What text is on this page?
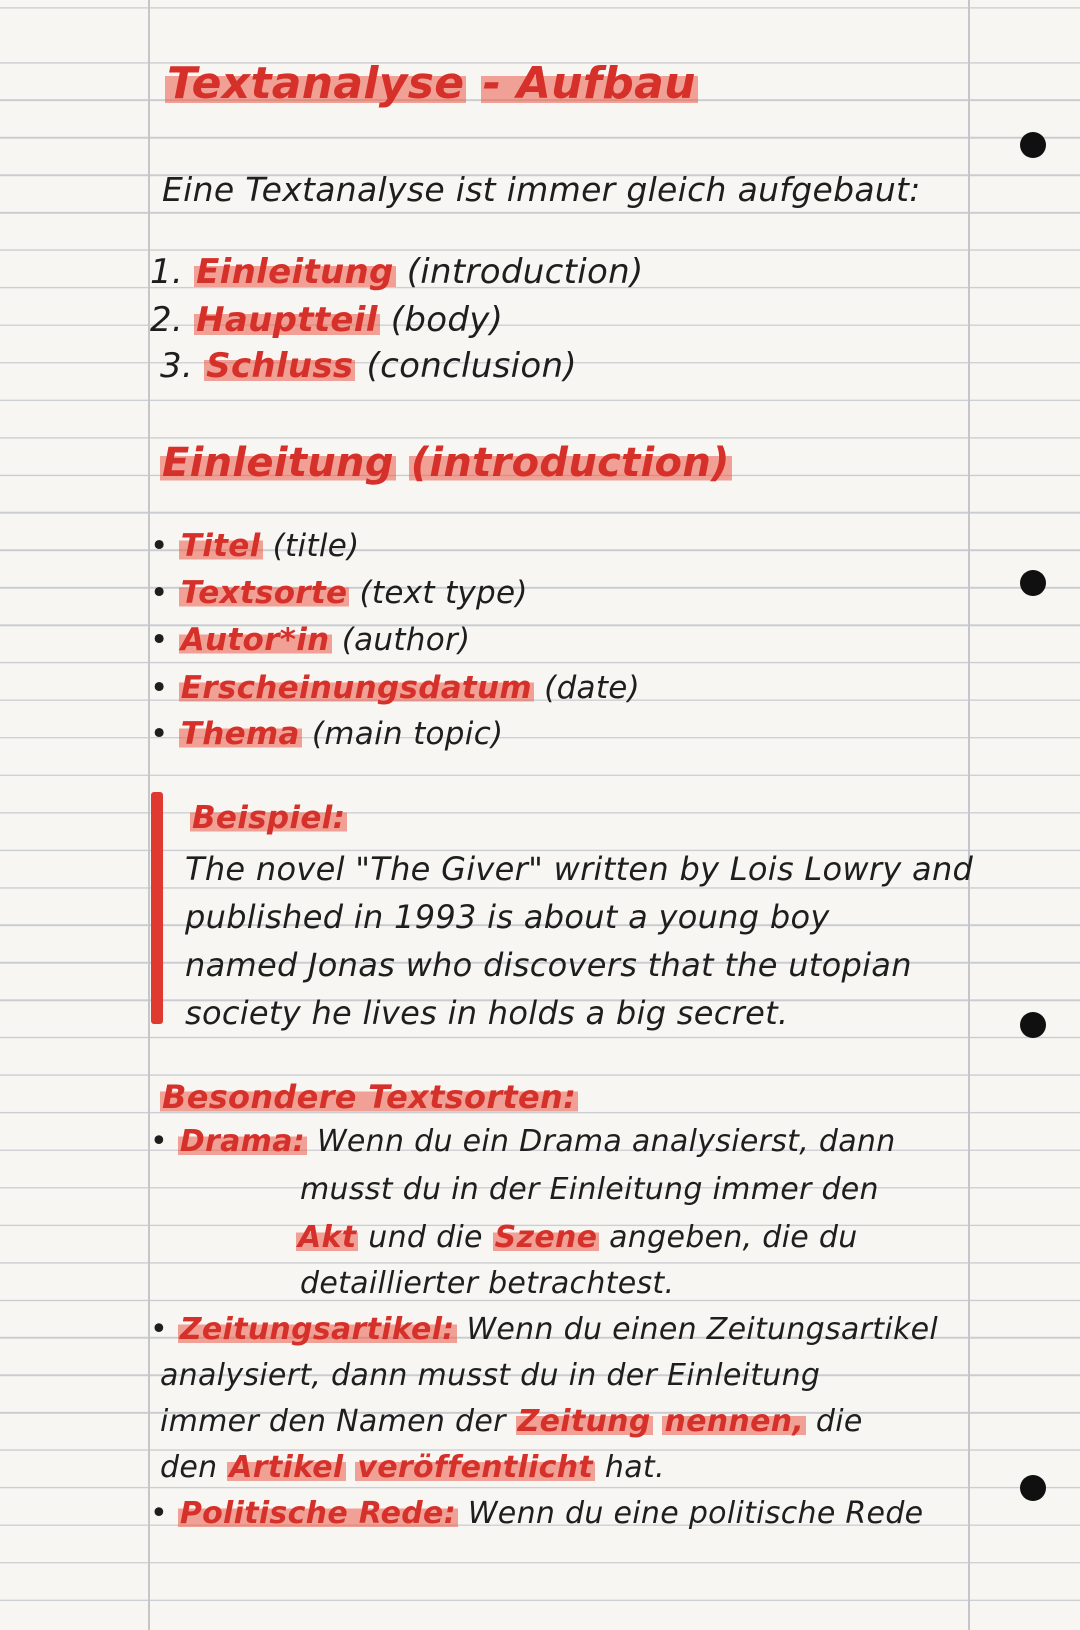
Textanalyse - Aufbau
Eine Textanalyse ist immer gleich aufgebaut:
1. Einleitung (introduction)
2. Hauptteil (body)
3. Schluss (conclusion)
Einleitung (introduction)
• Titel (title)
• Textsorte (text type)
• Autor*in (author)
• Erscheinungsdatum (date)
• Thema (main topic)
Beispiel:
The novel "The Giver" written by Lois Lowry and
published in 1993 is about a young boy
named Jonas who discovers that the utopian
society he lives in holds a big secret.
Besondere Textsorten:
• Drama: Wenn du ein Drama analysierst, dann
musst du in der Einleitung immer den
Akt und die Szene angeben, die du
detaillierter betrachtest.
• Zeitungsartikel: Wenn du einen Zeitungsartikel
analysiert, dann musst du in der Einleitung
immer den Namen der Zeitung nennen, die
den Artikel veröffentlicht hat.
• Politische Rede: Wenn du eine politische Rede
